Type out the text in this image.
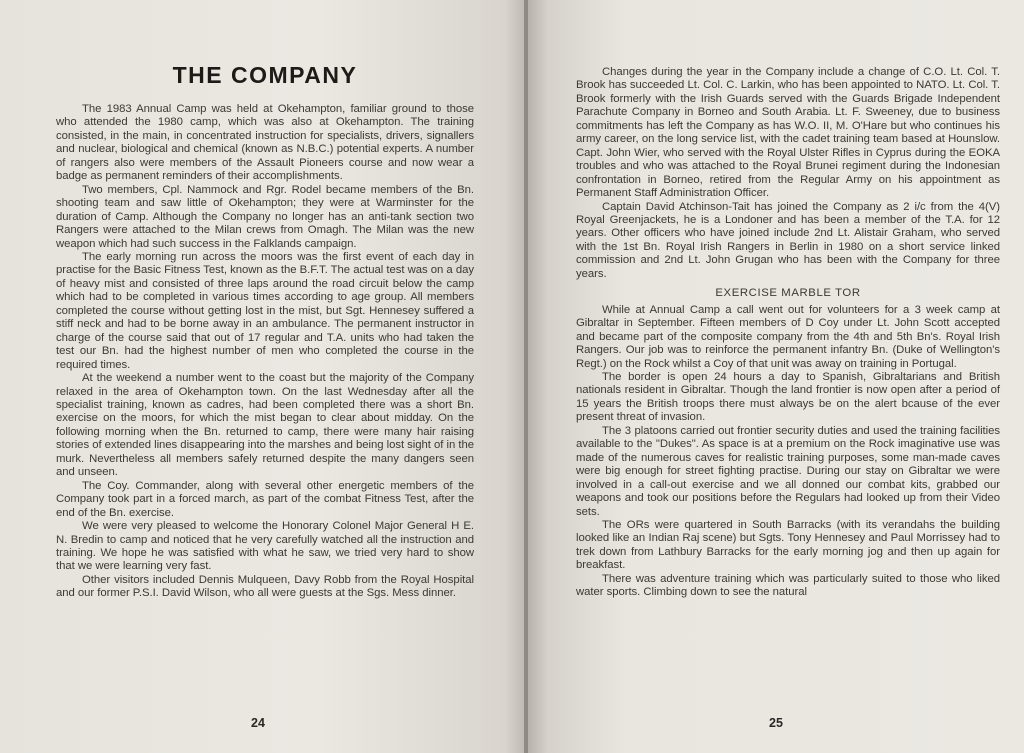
THE COMPANY

The 1983 Annual Camp was held at Okehampton, familiar ground to those who attended the 1980 camp, which was also at Okehampton. The training consisted, in the main, in concentrated instruction for specialists, drivers, signallers and nuclear, biological and chemical (known as N.B.C.) potential experts. A number of rangers also were members of the Assault Pioneers course and now wear a badge as permanent reminders of their accomplishments.

Two members, Cpl. Nammock and Rgr. Rodel became members of the Bn. shooting team and saw little of Okehampton; they were at Warminster for the duration of Camp. Although the Company no longer has an anti-tank section two Rangers were attached to the Milan crews from Omagh. The Milan was the new weapon which had such success in the Falklands campaign.

The early morning run across the moors was the first event of each day in practise for the Basic Fitness Test, known as the B.F.T. The actual test was on a day of heavy mist and consisted of three laps around the road circuit below the camp which had to be completed in various times according to age group. All members completed the course without getting lost in the mist, but Sgt. Hennesey suffered a stiff neck and had to be borne away in an ambulance. The permanent instructor in charge of the course said that out of 17 regular and T.A. units who had taken the test our Bn. had the highest number of men who completed the course in the required times.

At the weekend a number went to the coast but the majority of the Company relaxed in the area of Okehampton town. On the last Wednesday after all the specialist training, known as cadres, had been completed there was a short Bn. exercise on the moors, for which the mist began to clear about midday. On the following morning when the Bn. returned to camp, there were many hair raising stories of extended lines disappearing into the marshes and being lost sight of in the murk. Nevertheless all members safely returned despite the many dangers seen and unseen.

The Coy. Commander, along with several other energetic members of the Company took part in a forced march, as part of the combat Fitness Test, after the end of the Bn. exercise.

We were very pleased to welcome the Honorary Colonel Major General H E. N. Bredin to camp and noticed that he very carefully watched all the instruction and training. We hope he was satisfied with what he saw, we tried very hard to show that we were learning very fast.

Other visitors included Dennis Mulqueen, Davy Robb from the Royal Hospital and our former P.S.I. David Wilson, who all were guests at the Sgs. Mess dinner.

24

Changes during the year in the Company include a change of C.O. Lt. Col. T. Brook has succeeded Lt. Col. C. Larkin, who has been appointed to NATO. Lt. Col. T. Brook formerly with the Irish Guards served with the Guards Brigade Independent Parachute Company in Borneo and South Arabia. Lt. F. Sweeney, due to business commitments has left the Company as has W.O. II, M. O'Hare but who continues his army career, on the long service list, with the cadet training team based at Hounslow. Capt. John Wier, who served with the Royal Ulster Rifles in Cyprus during the EOKA troubles and who was attached to the Royal Brunei regiment during the Indonesian confrontation in Borneo, retired from the Regular Army on his appointment as Permanent Staff Administration Officer.

Captain David Atchinson-Tait has joined the Company as 2 i/c from the 4(V) Royal Greenjackets, he is a Londoner and has been a member of the T.A. for 12 years. Other officers who have joined include 2nd Lt. Alistair Graham, who served with the 1st Bn. Royal Irish Rangers in Berlin in 1980 on a short service linked commission and 2nd Lt. John Grugan who has been with the Company for three years.

EXERCISE MARBLE TOR

While at Annual Camp a call went out for volunteers for a 3 week camp at Gibraltar in September. Fifteen members of D Coy under Lt. John Scott accepted and became part of the composite company from the 4th and 5th Bn's. Royal Irish Rangers. Our job was to reinforce the permanent infantry Bn. (Duke of Wellington's Regt.) on the Rock whilst a Coy of that unit was away on training in Portugal.

The border is open 24 hours a day to Spanish, Gibraltarians and British nationals resident in Gibraltar. Though the land frontier is now open after a period of 15 years the British troops there must always be on the alert bcause of the ever present threat of invasion.

The 3 platoons carried out frontier security duties and used the training facilities available to the "Dukes". As space is at a premium on the Rock imaginative use was made of the numerous caves for realistic training purposes, some man-made caves were big enough for street fighting practise. During our stay on Gibraltar we were involved in a call-out exercise and we all donned our combat kits, grabbed our weapons and took our positions before the Regulars had looked up from their Video sets.

The ORs were quartered in South Barracks (with its verandahs the building looked like an Indian Raj scene) but Sgts. Tony Hennesey and Paul Morrissey had to trek down from Lathbury Barracks for the early morning jog and then up again for breakfast.

There was adventure training which was particularly suited to those who liked water sports. Climbing down to see the natural

25
